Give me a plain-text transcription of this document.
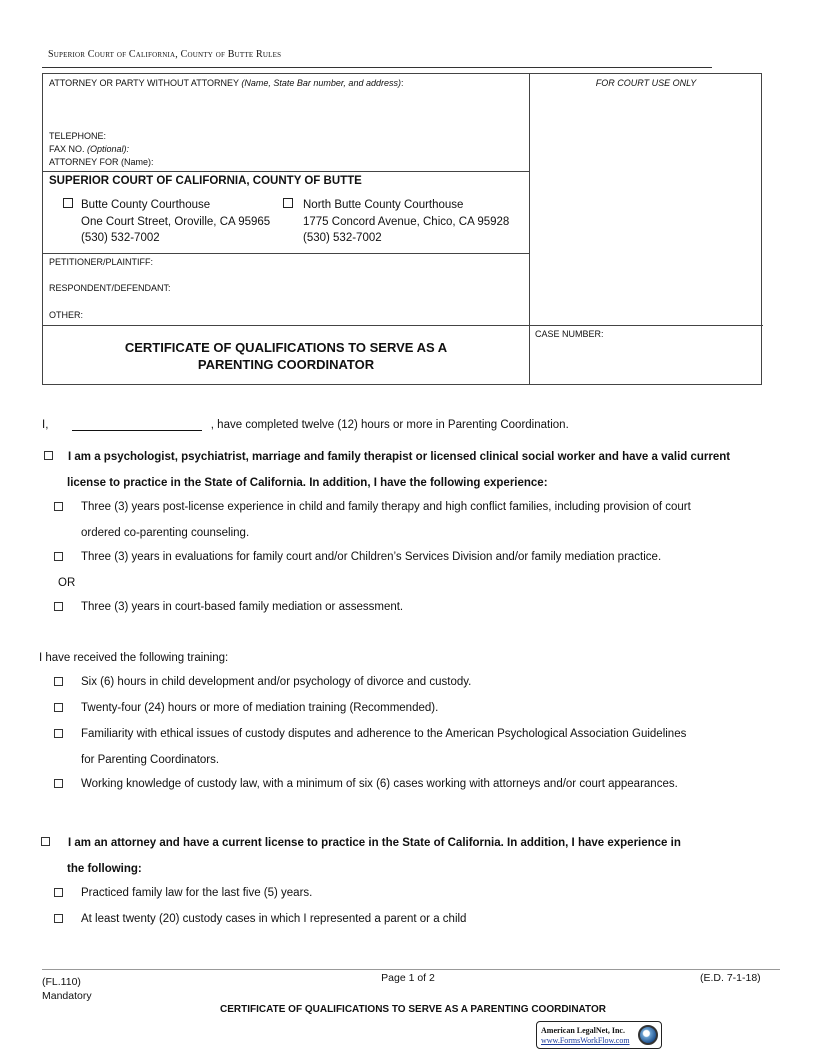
Superior Court of California, County of Butte Rules
ATTORNEY OR PARTY WITHOUT ATTORNEY (Name, State Bar number, and address):	FOR COURT USE ONLY
TELEPHONE:
FAX NO. (Optional):
ATTORNEY FOR (Name):
SUPERIOR COURT OF CALIFORNIA, COUNTY OF BUTTE
Butte County Courthouse
One Court Street, Oroville, CA 95965
(530) 532-7002
North Butte County Courthouse
1775 Concord Avenue, Chico, CA 95928
(530) 532-7002
PETITIONER/PLAINTIFF:
RESPONDENT/DEFENDANT:
OTHER:
CERTIFICATE OF QUALIFICATIONS TO SERVE AS A
PARENTING COORDINATOR
CASE NUMBER:
I,	, have completed twelve (12) hours or more in Parenting Coordination.
I am a psychologist, psychiatrist, marriage and family therapist or licensed clinical social worker and have a valid current
license to practice in the State of California. In addition, I have the following experience:
Three (3) years post-license experience in child and family therapy and high conflict families, including provision of court
ordered co-parenting counseling.
Three (3) years in evaluations for family court and/or Children’s Services Division and/or family mediation practice.
OR
Three (3) years in court-based family mediation or assessment.
I have received the following training:
Six (6) hours in child development and/or psychology of divorce and custody.
Twenty-four (24) hours or more of mediation training (Recommended).
Familiarity with ethical issues of custody disputes and adherence to the American Psychological Association Guidelines
for Parenting Coordinators.
Working knowledge of custody law, with a minimum of six (6) cases working with attorneys and/or court appearances.
I am an attorney and have a current license to practice in the State of California. In addition, I have experience in
the following:
Practiced family law for the last five (5) years.
At least twenty (20) custody cases in which I represented a parent or a child
(FL.110)
Mandatory
Page 1 of 2	(E.D. 7-1-18)
CERTIFICATE OF QUALIFICATIONS TO SERVE AS A PARENTING COORDINATOR
American LegalNet, Inc.
www.FormsWorkFlow.com
